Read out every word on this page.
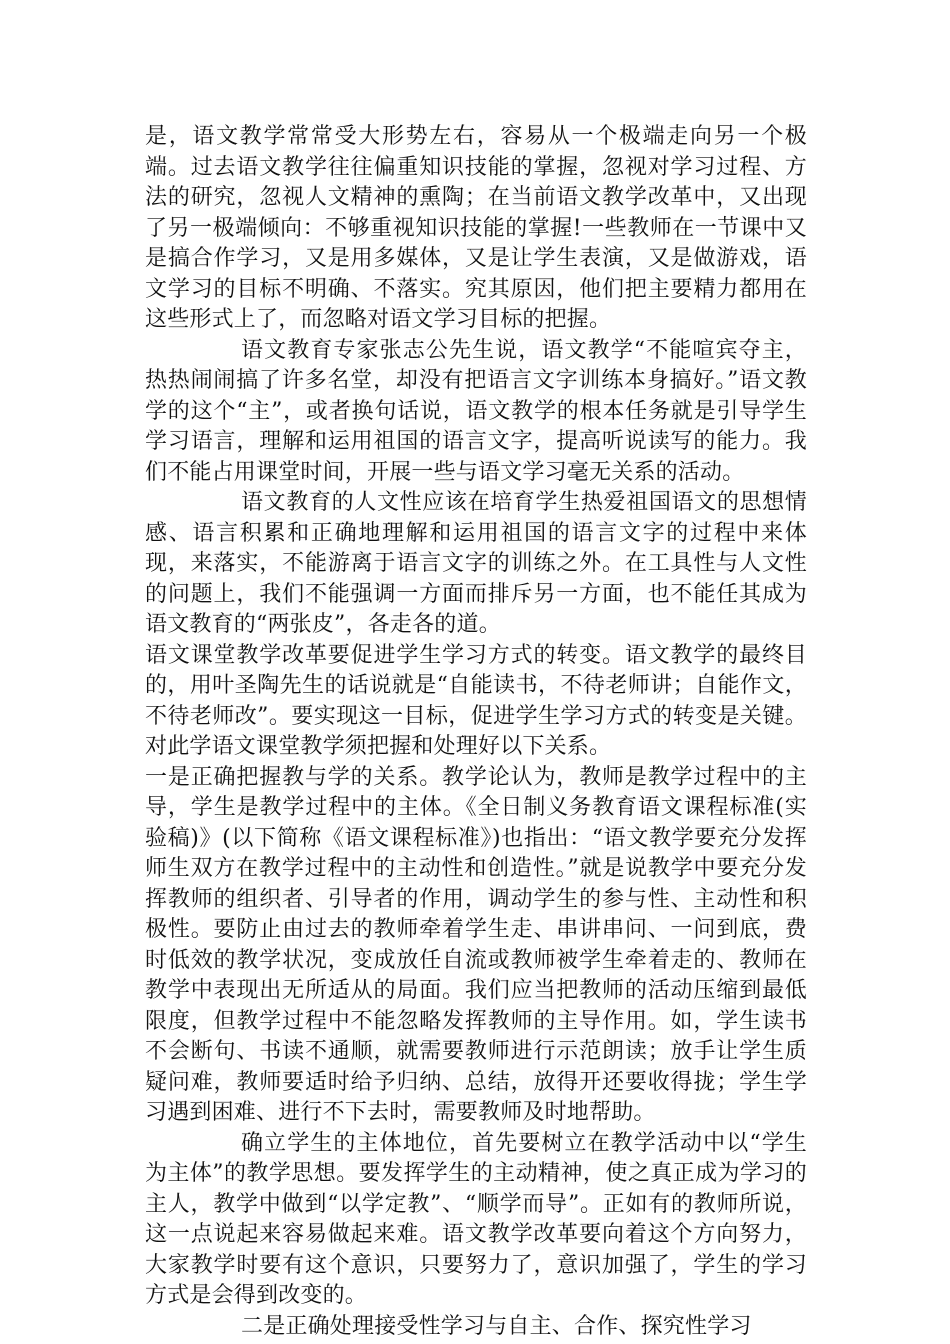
是，语文教学常常受大形势左右，容易从一个极端走向另一个极端。过去语文教学往往偏重知识技能的掌握，忽视对学习过程、方法的研究，忽视人文精神的熏陶；在当前语文教学改革中，又出现了另一极端倾向：不够重视知识技能的掌握!一些教师在一节课中又是搞合作学习，又是用多媒体，又是让学生表演，又是做游戏，语文学习的目标不明确、不落实。究其原因，他们把主要精力都用在这些形式上了，而忽略对语文学习目标的把握。

语文教育专家张志公先生说，语文教学“不能喧宾夺主，热热闹闹搞了许多名堂，却没有把语言文字训练本身搞好。”语文教学的这个“主”，或者换句话说，语文教学的根本任务就是引导学生学习语言，理解和运用祖国的语言文字，提高听说读写的能力。我们不能占用课堂时间，开展一些与语文学习毫无关系的活动。

语文教育的人文性应该在培育学生热爱祖国语文的思想情感、语言积累和正确地理解和运用祖国的语言文字的过程中来体现，来落实，不能游离于语言文字的训练之外。在工具性与人文性的问题上，我们不能强调一方面而排斥另一方面，也不能任其成为语文教育的“两张皮”，各走各的道。

语文课堂教学改革要促进学生学习方式的转变。语文教学的最终目的，用叶圣陶先生的话说就是“自能读书，不待老师讲；自能作文，不待老师改”。要实现这一目标，促进学生学习方式的转变是关键。对此学语文课堂教学须把握和处理好以下关系。

一是正确把握教与学的关系。教学论认为，教师是教学过程中的主导，学生是教学过程中的主体。《全日制义务教育语文课程标准(实验稿)》(以下简称《语文课程标准》)也指出：“语文教学要充分发挥师生双方在教学过程中的主动性和创造性。”就是说教学中要充分发挥教师的组织者、引导者的作用，调动学生的参与性、主动性和积极性。要防止由过去的教师牵着学生走、串讲串问、一问到底，费时低效的教学状况，变成放任自流或教师被学生牵着走的、教师在教学中表现出无所适从的局面。我们应当把教师的活动压缩到最低限度，但教学过程中不能忽略发挥教师的主导作用。如，学生读书不会断句、书读不通顺，就需要教师进行示范朗读；放手让学生质疑问难，教师要适时给予归纳、总结，放得开还要收得拢；学生学习遇到困难、进行不下去时，需要教师及时地帮助。

确立学生的主体地位，首先要树立在教学活动中以“学生为主体”的教学思想。要发挥学生的主动精神，使之真正成为学习的主人，教学中做到“以学定教”、“顺学而导”。正如有的教师所说，这一点说起来容易做起来难。语文教学改革要向着这个方向努力，大家教学时要有这个意识，只要努力了，意识加强了，学生的学习方式是会得到改变的。

二是正确处理接受性学习与自主、合作、探究性学习
